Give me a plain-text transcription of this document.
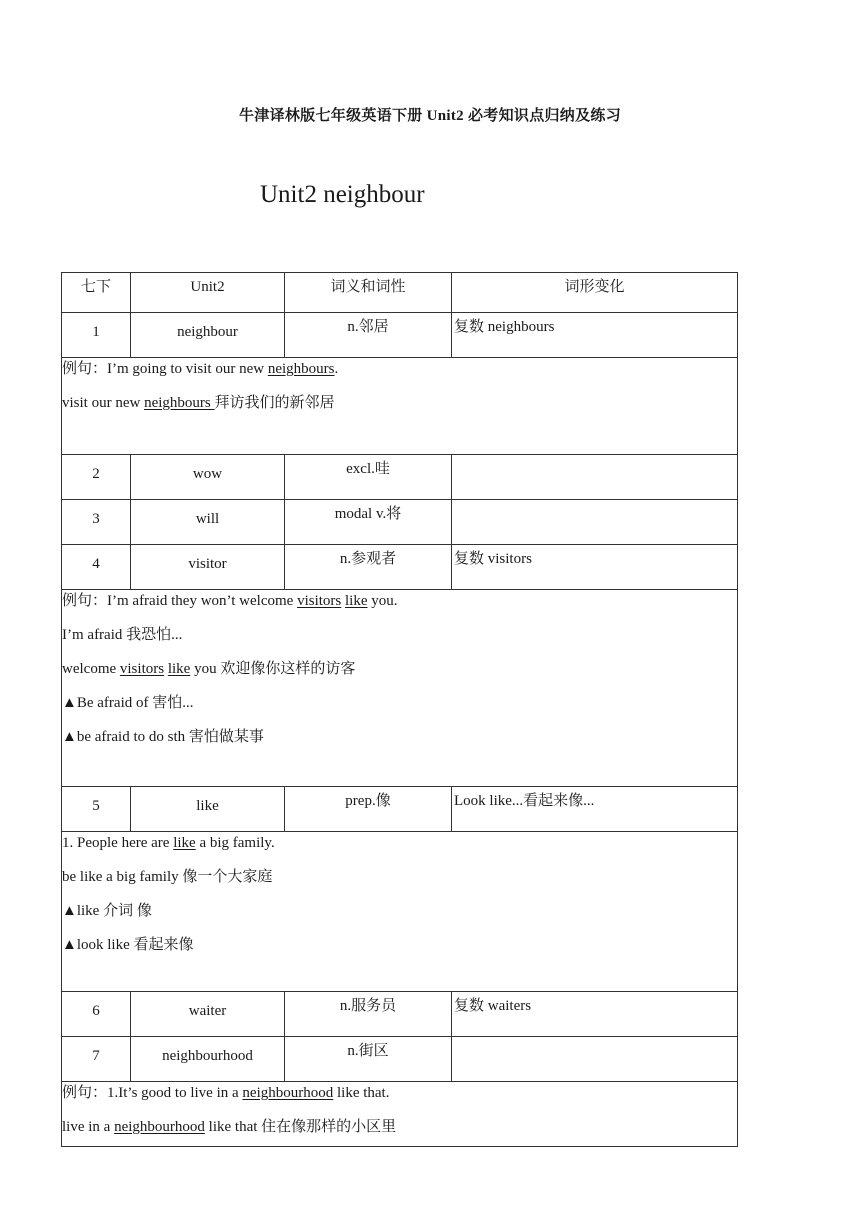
牛津译林版七年级英语下册 Unit2 必考知识点归纳及练习
Unit2 neighbour
七下	Unit2	词义和词性	词形变化
1	neighbour	n.邻居	复数 neighbours

例句：I’m going to visit our new neighbours.
visit our new neighbours 拜访我们的新邻居			

2	wow	excl.哇	
3	will	modal v.将	
4	visitor	n.参观者	复数 visitors

例句：I’m afraid they won’t welcome visitors like you.
I’m afraid 我恐怕...
welcome visitors like you 欢迎像你这样的访客
▲Be afraid of 害怕...
▲be afraid to do sth 害怕做某事			

5	like	prep.像	Look like...看起来像...

1. People here are like a big family.
be like a big family 像一个大家庭
▲like 介词 像
▲look like 看起来像			

6	waiter	n.服务员	复数 waiters
7	neighbourhood	n.街区	

例句：1.It’s good to live in a neighbourhood like that.
live in a neighbourhood like that 住在像那样的小区里			
